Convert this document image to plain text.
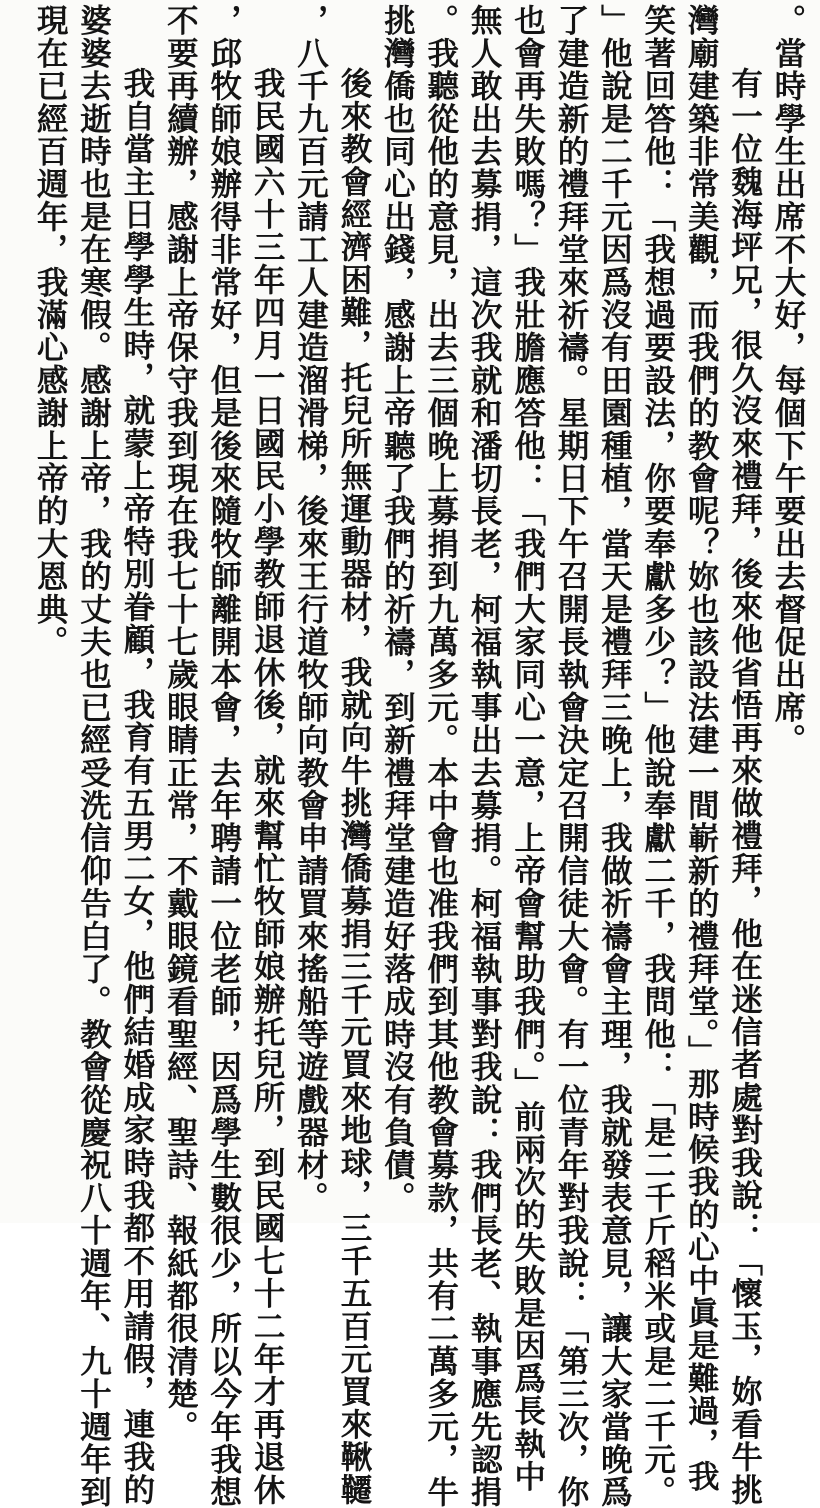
。當時學生出席不大好，每個下午要出去督促出席。
有一位魏海坪兄，很久沒來禮拜，後來他省悟再來做禮拜，他在迷信者處對我說：「懷玉，妳看牛挑
灣廟建築非常美觀，而我們的教會呢？妳也該設法建一間嶄新的禮拜堂。」那時候我的心中眞是難過，我
笑著回答他：「我想過要設法，你要奉獻多少？」他說奉獻二千，我問他：「是二千斤稻米或是二千元。
」他說是二千元因爲沒有田園種植，當天是禮拜三晚上，我做祈禱會主理，我就發表意見，讓大家當晚爲
了建造新的禮拜堂來祈禱。星期日下午召開長執會決定召開信徒大會。有一位青年對我說：「第三次，你
也會再失敗嗎？」我壯膽應答他：「我們大家同心一意，上帝會幫助我們。」前兩次的失敗是因爲長執中
無人敢出去募捐，這次我就和潘切長老，柯福執事出去募捐。柯福執事對我說：我們長老、執事應先認捐
。我聽從他的意見，出去三個晚上募捐到九萬多元。本中會也准我們到其他教會募款，共有二萬多元，牛
挑灣僑也同心出錢，感謝上帝聽了我們的祈禱，到新禮拜堂建造好落成時沒有負債。
後來教會經濟困難，托兒所無運動器材，我就向牛挑灣僑募捐三千元買來地球，三千五百元買來鞦韆
，八千九百元請工人建造溜滑梯，後來王行道牧師向教會申請買來搖船等遊戲器材。
我民國六十三年四月一日國民小學教師退休後，就來幫忙牧師娘辦托兒所，到民國七十二年才再退休
，邱牧師娘辦得非常好，但是後來隨牧師離開本會，去年聘請一位老師，因爲學生數很少，所以今年我想
不要再續辦，感謝上帝保守我到現在我七十七歲眼睛正常，不戴眼鏡看聖經、聖詩、報紙都很清楚。
我自當主日學學生時，就蒙上帝特別眷顧，我育有五男二女，他們結婚成家時我都不用請假，連我的
婆婆去逝時也是在寒假。感謝上帝，我的丈夫也已經受洗信仰告白了。教會從慶祝八十週年、九十週年到
現在已經百週年，我滿心感謝上帝的大恩典。
